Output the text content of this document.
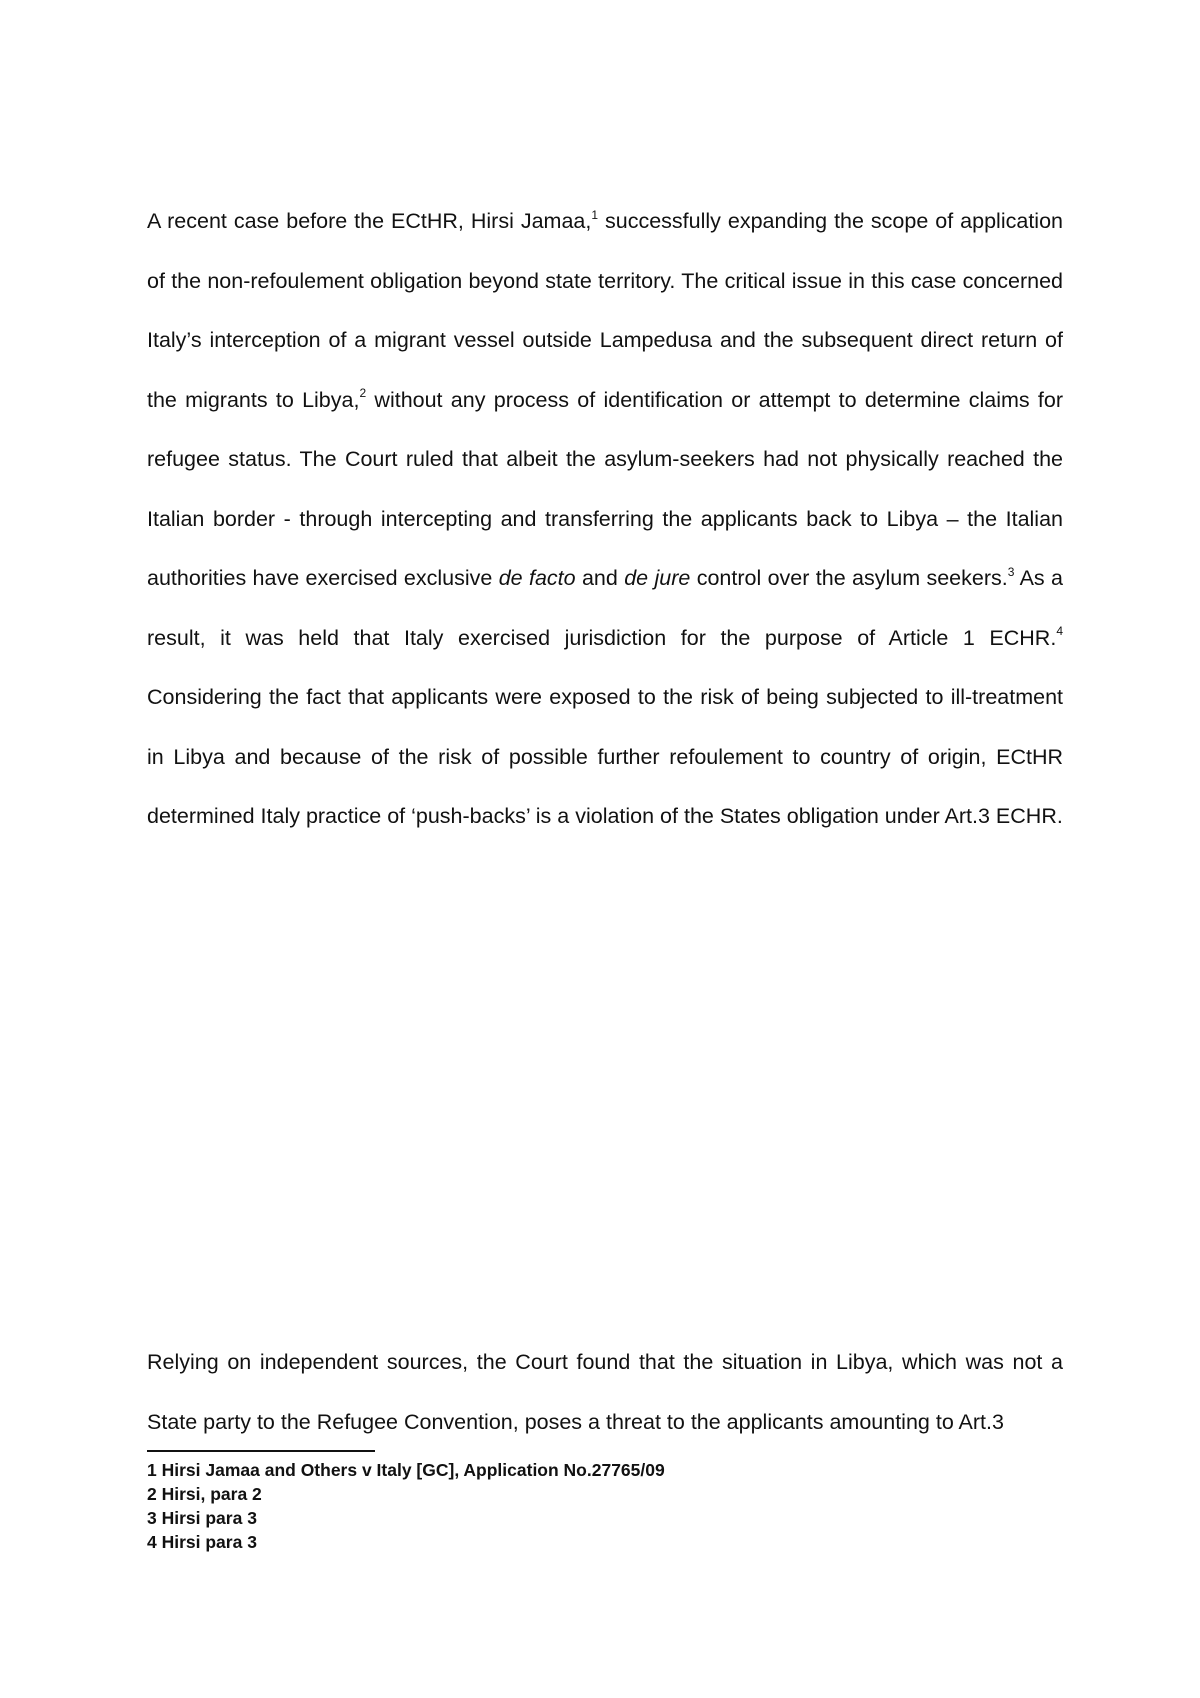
A recent case before the ECtHR, Hirsi Jamaa,$^1$ successfully expanding the scope of application of the non-refoulement obligation beyond state territory. The critical issue in this case concerned Italy’s interception of a migrant vessel outside Lampedusa and the subsequent direct return of the migrants to Libya,$^2$ without any process of identification or attempt to determine claims for refugee status. The Court ruled that albeit the asylum-seekers had not physically reached the Italian border - through intercepting and transferring the applicants back to Libya – the Italian authorities have exercised exclusive de facto and de jure control over the asylum seekers.$^3$ As a result, it was held that Italy exercised jurisdiction for the purpose of Article 1 ECHR.$^4$ Considering the fact that applicants were exposed to the risk of being subjected to ill-treatment in Libya and because of the risk of possible further refoulement to country of origin, ECtHR determined Italy practice of ‘push-backs’ is a violation of the States obligation under Art.3 ECHR.

Relying on independent sources, the Court found that the situation in Libya, which was not a State party to the Refugee Convention, poses a threat to the applicants amounting to Art.3

1 Hirsi Jamaa and Others v Italy [GC], Application No.27765/09
2 Hirsi, para 2
3 Hirsi para 3
4 Hirsi para 3
